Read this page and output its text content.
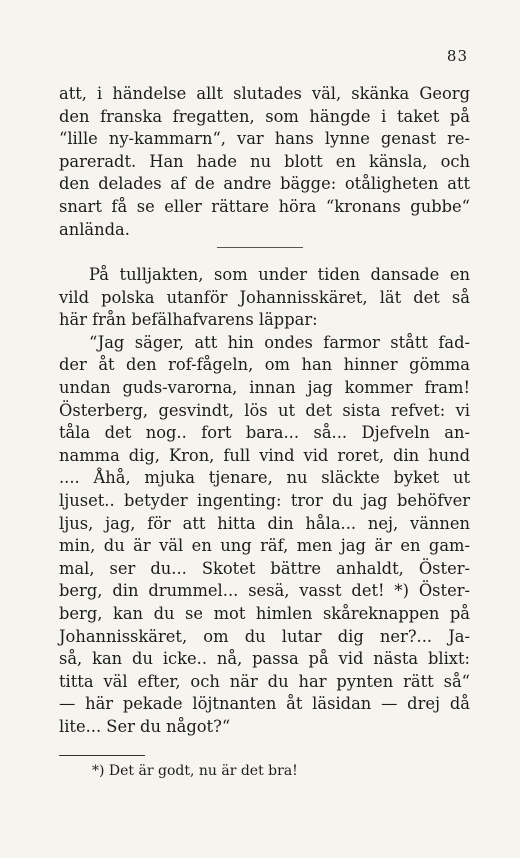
83
att, i händelse allt slutades väl, skänka Georg
den franska fregatten, som hängde i taket på
“lille ny-kammarn“, var hans lynne genast re-
pareradt. Han hade nu blott en känsla, och
den delades af de andre bägge: otåligheten att
snart få se eller rättare höra “kronans gubbe“
anlända.
På tulljakten, som under tiden dansade en
vild polska utanför Johannisskäret, lät det så
här från befälhafvarens läppar:
“Jag säger, att hin ondes farmor stått fad-
der åt den rof-fågeln, om han hinner gömma
undan guds-varorna, innan jag kommer fram!
Österberg, gesvindt, lös ut det sista refvet: vi
tåla det nog.. fort bara... så... Djefveln an-
namma dig, Kron, full vind vid roret, din hund
.... Åhå, mjuka tjenare, nu släckte byket ut
ljuset.. betyder ingenting: tror du jag behöfver
ljus, jag, för att hitta din håla... nej, vännen
min, du är väl en ung räf, men jag är en gam-
mal, ser du... Skotet bättre anhaldt, Öster-
berg, din drummel... sesä, vasst det! *) Öster-
berg, kan du se mot himlen skåreknappen på
Johannisskäret, om du lutar dig ner?... Ja-
så, kan du icke.. nå, passa på vid nästa blixt:
titta väl efter, och när du har pynten rätt så“
— här pekade löjtnanten åt läsidan — drej då
lite... Ser du något?“
*) Det är godt, nu är det bra!
